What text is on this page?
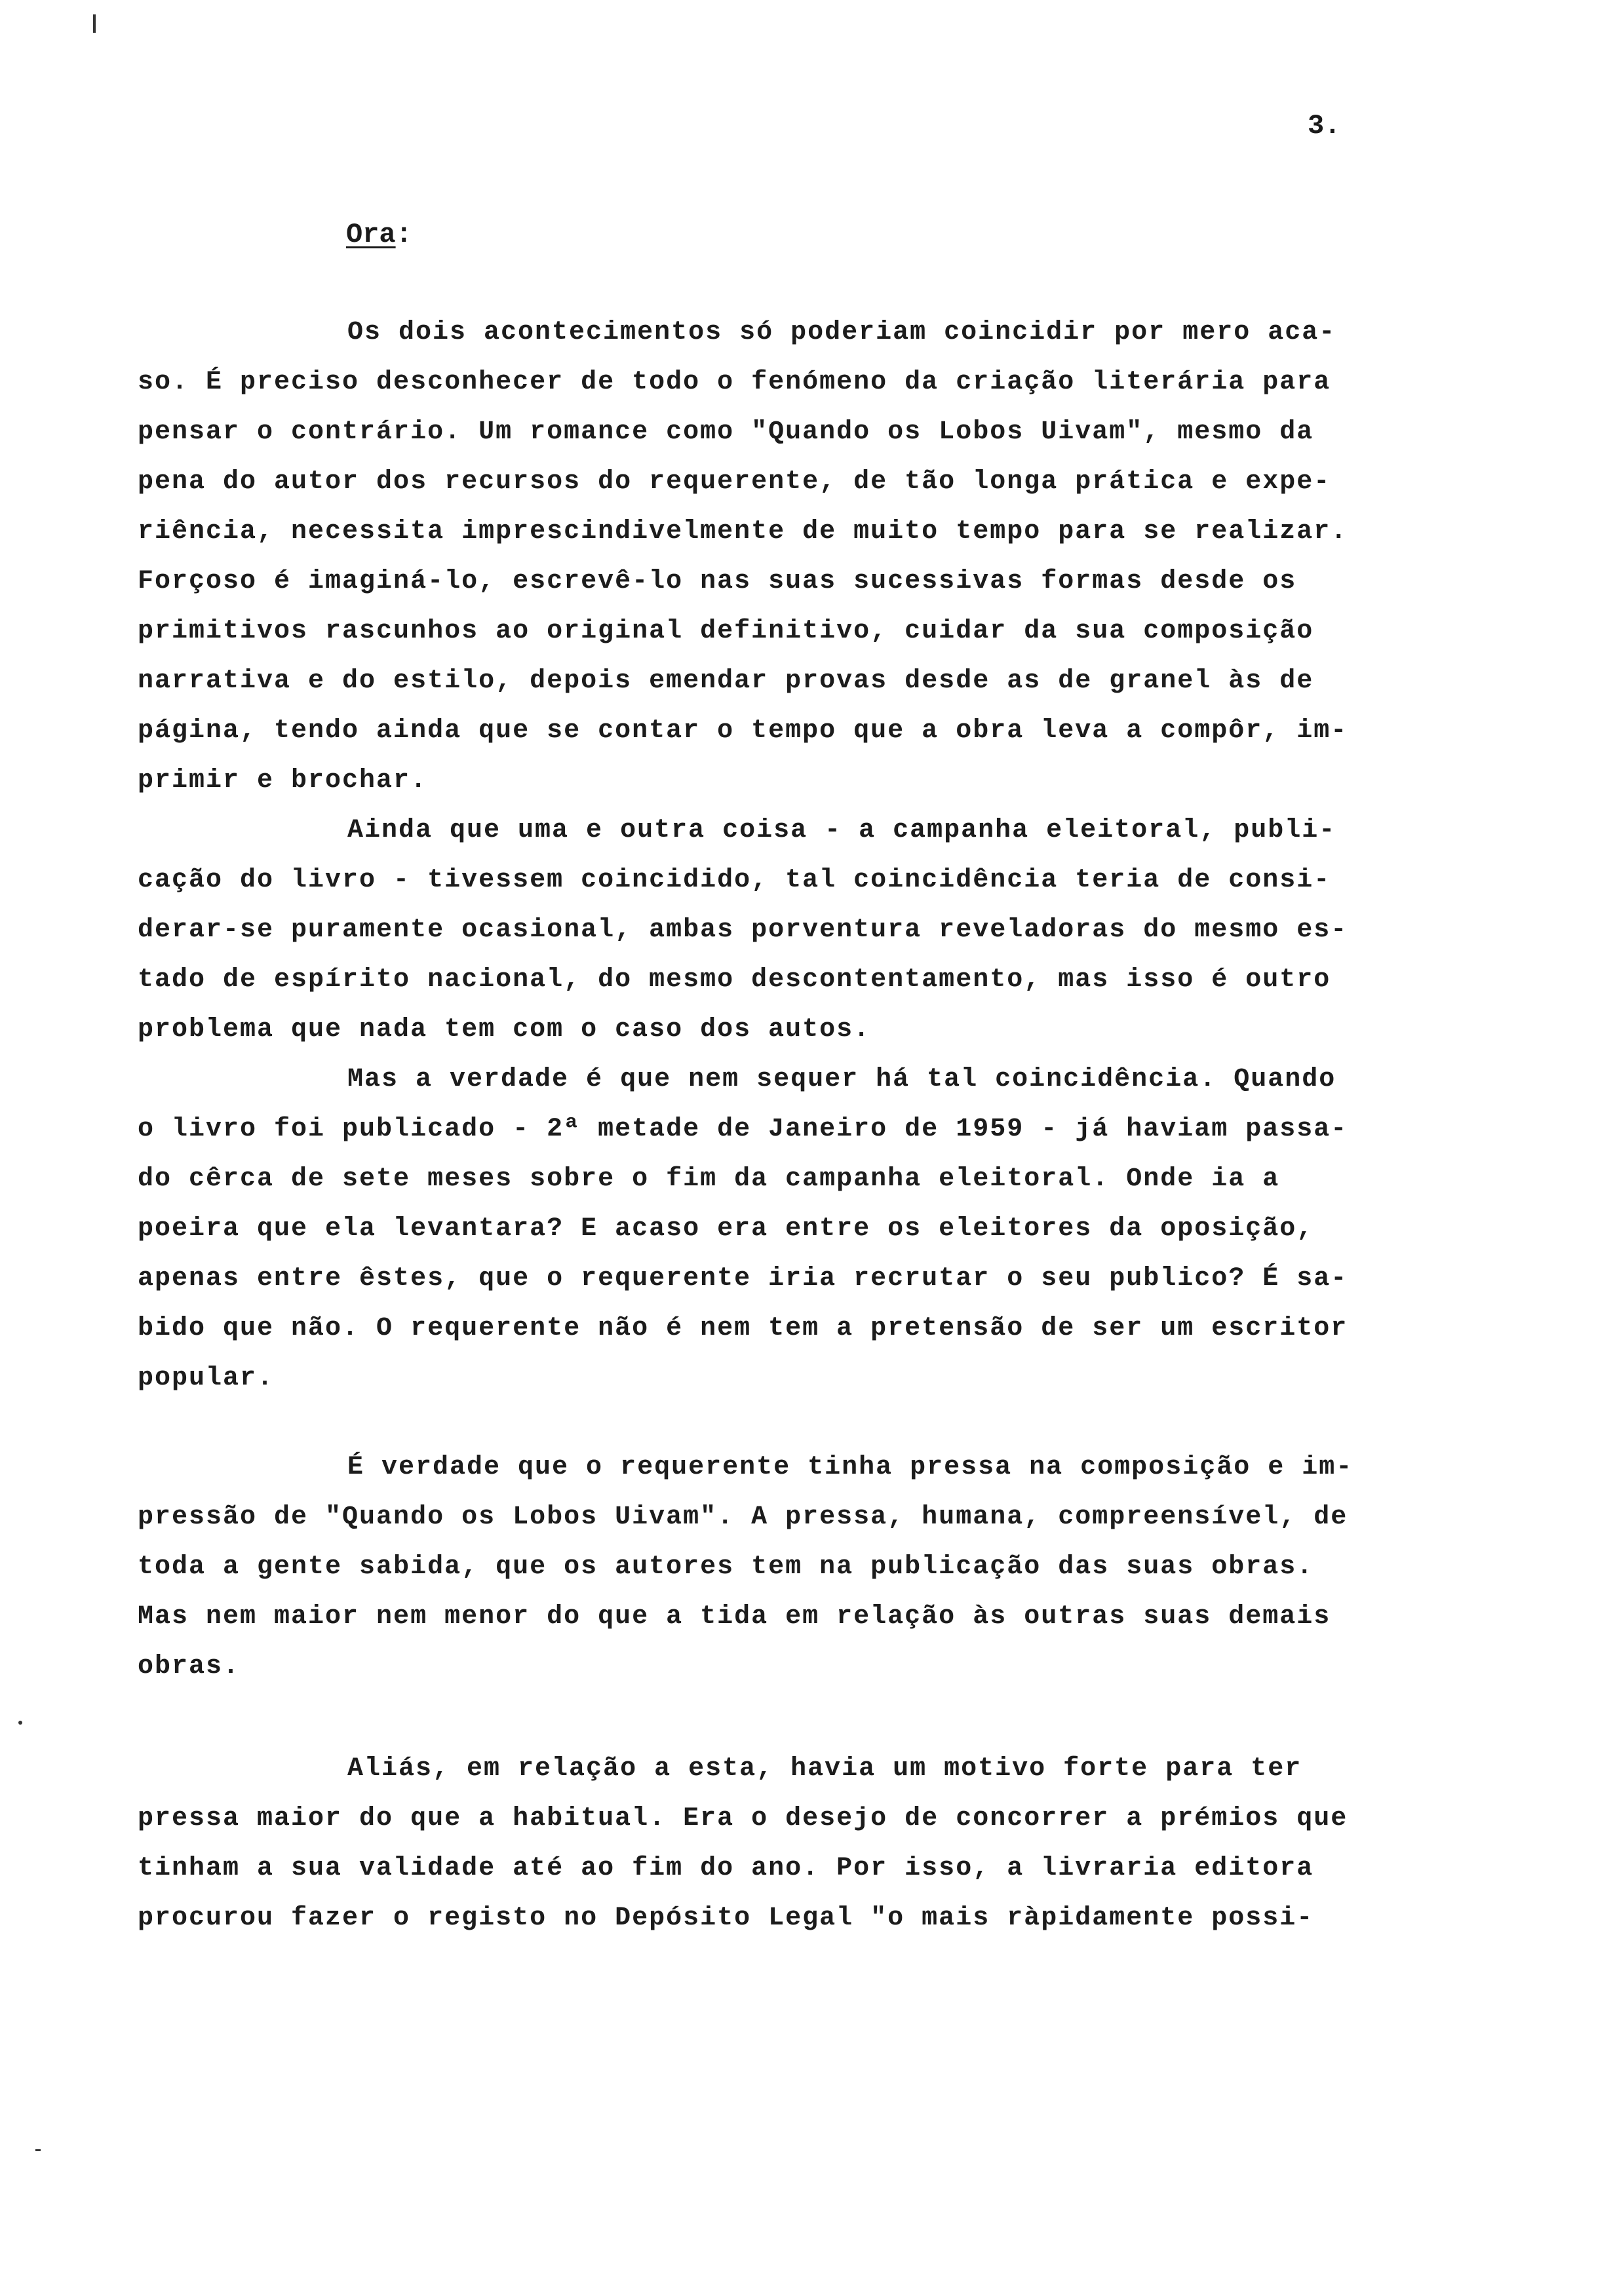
3.
Ora:
Os dois acontecimentos só poderiam coincidir por mero aca-
so. É preciso desconhecer de todo o fenómeno da criação literária para
pensar o contrário. Um romance como "Quando os Lobos Uivam", mesmo da
pena do autor dos recursos do requerente, de tão longa prática e expe-
riência, necessita imprescindivelmente de muito tempo para se realizar.
Forçoso é imaginá-lo, escrevê-lo nas suas sucessivas formas desde os
primitivos rascunhos ao original definitivo, cuidar da sua composição
narrativa e do estilo, depois emendar provas desde as de granel às de
página, tendo ainda que se contar o tempo que a obra leva a compôr, im-
primir e brochar.
Ainda que uma e outra coisa - a campanha eleitoral, publi-
cação do livro - tivessem coincidido, tal coincidência teria de consi-
derar-se puramente ocasional, ambas porventura reveladoras do mesmo es-
tado de espírito nacional, do mesmo descontentamento, mas isso é outro
problema que nada tem com o caso dos autos.
Mas a verdade é que nem sequer há tal coincidência. Quando
o livro foi publicado - 2ª metade de Janeiro de 1959 - já haviam passa-
do cêrca de sete meses sobre o fim da campanha eleitoral. Onde ia a
poeira que ela levantara? E acaso era entre os eleitores da oposição,
apenas entre êstes, que o requerente iria recrutar o seu publico? É sa-
bido que não. O requerente não é nem tem a pretensão de ser um escritor
popular.
É verdade que o requerente tinha pressa na composição e im-
pressão de "Quando os Lobos Uivam". A pressa, humana, compreensível, de
toda a gente sabida, que os autores tem na publicação das suas obras.
Mas nem maior nem menor do que a tida em relação às outras suas demais
obras.
Aliás, em relação a esta, havia um motivo forte para ter
pressa maior do que a habitual. Era o desejo de concorrer a prémios que
tinham a sua validade até ao fim do ano. Por isso, a livraria editora
procurou fazer o registo no Depósito Legal "o mais ràpidamente possi-
